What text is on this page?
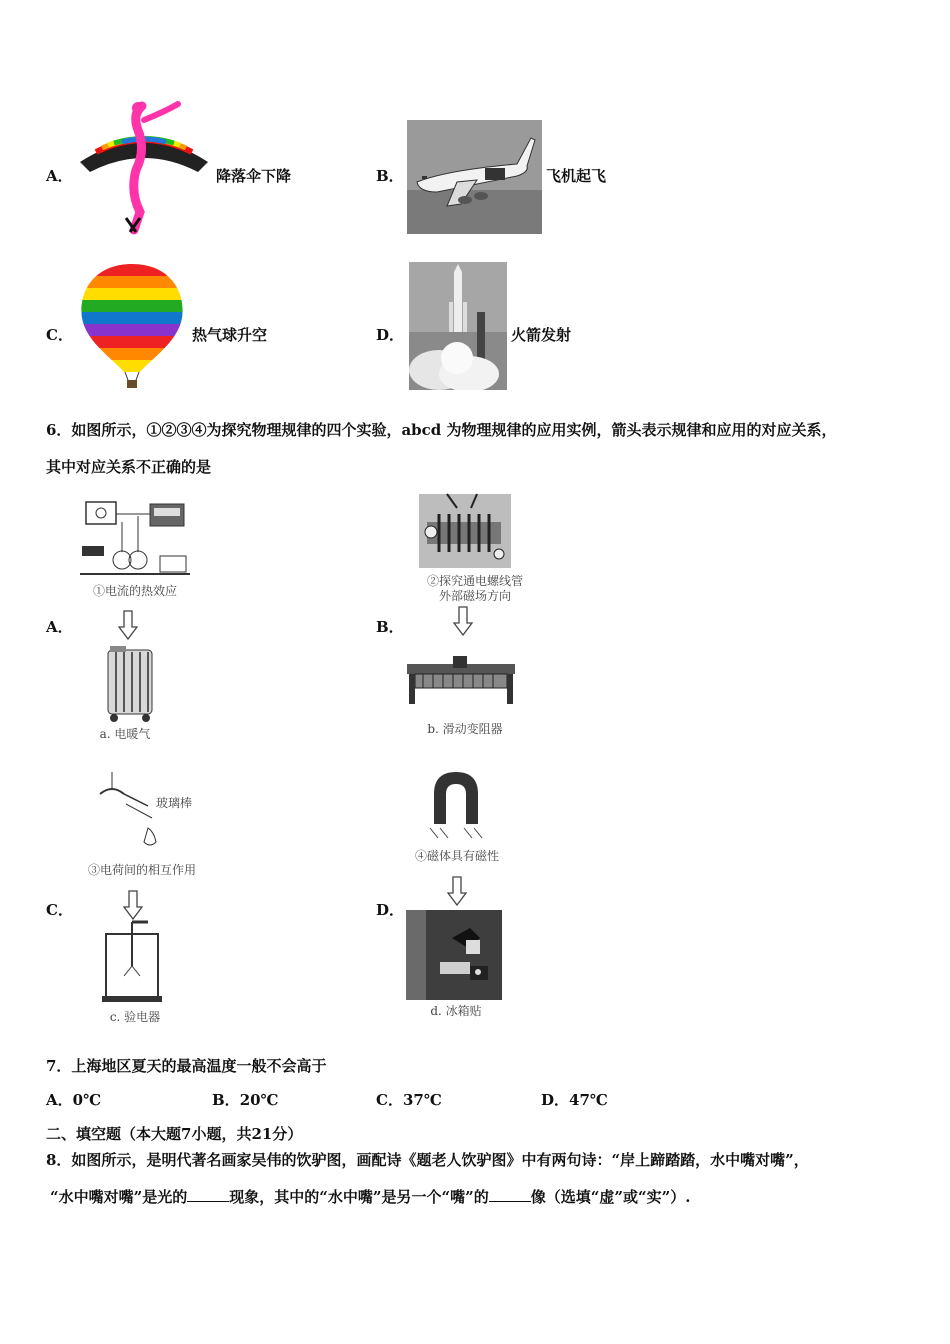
A．	降落伞下降	B．	飞机起飞
C．	热气球升空	D．	火箭发射
6．如图所示，①②③④为探究物理规律的四个实验，abcd 为物理规律的应用实例，箭头表示规律和应用的对应关系，
其中对应关系不正确的是
①电流的热效应
A．
a. 电暖气
②探究通电螺线管
外部磁场方向
B．
b. 滑动变阻器
玻璃棒
③电荷间的相互作用
C．
c. 验电器
④磁体具有磁性
D．
d. 冰箱贴
7．上海地区夏天的最高温度一般不会高于
A．0℃	B．20℃	C．37℃	D．47℃
二、填空题（本大题7小题，共21分）
8．如图所示，是明代著名画家吴伟的饮驴图，画配诗《题老人饮驴图》中有两句诗：“岸上蹄踏踏，水中嘴对嘴”，
“水中嘴对嘴”是光的	现象，其中的“水中嘴”是另一个“嘴”的	像（选填“虚”或“实”）.
